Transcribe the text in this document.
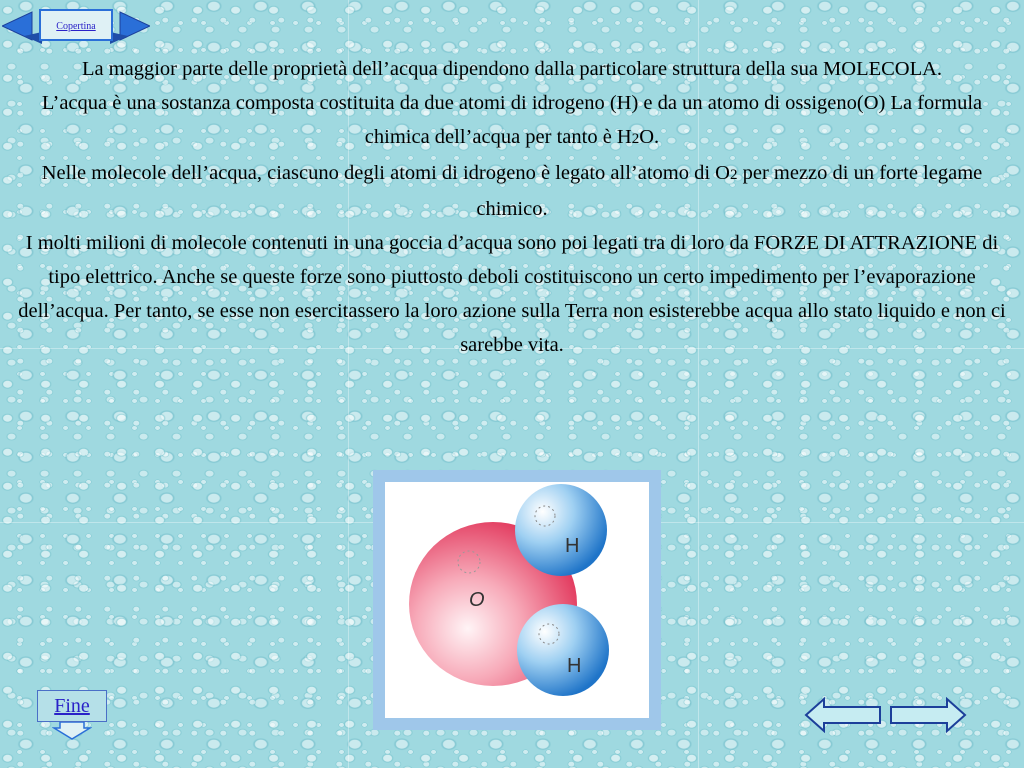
Copertina

La maggior parte delle proprietà dell’acqua dipendono dalla particolare struttura della sua MOLECOLA.

L’acqua è una sostanza composta costituita da due atomi di idrogeno (H) e da un atomo di ossigeno(O) La formula chimica dell’acqua per tanto è H2O.

Nelle molecole dell’acqua, ciascuno degli atomi di idrogeno è legato all’atomo di O2 per mezzo di un forte legame chimico.

I molti milioni di molecole contenuti in una goccia d’acqua sono poi legati tra di loro da FORZE DI ATTRAZIONE di tipo elettrico. Anche se queste forze sono piuttosto deboli costituiscono un certo impedimento per l’evaporazione dell’acqua. Per tanto, se esse non esercitassero la loro azione sulla Terra non esisterebbe acqua allo stato liquido e non ci sarebbe vita.

O
H
H
Fine
